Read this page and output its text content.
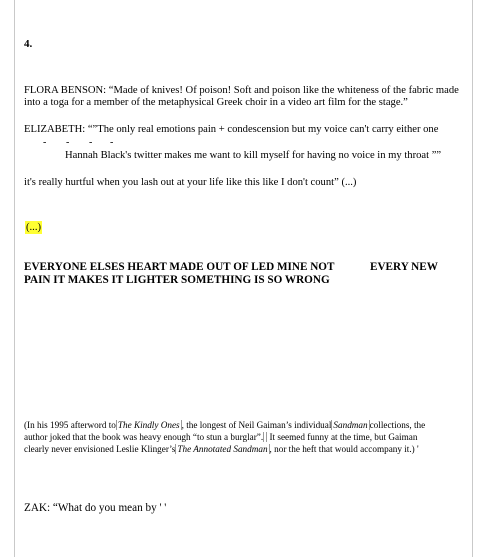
4.
FLORA BENSON: “Made of knives! Of poison! Soft and poison like the whiteness of the fabric made
into a toga for a member of the metaphysical Greek choir in a video art film for the stage.”
ELIZABETH: “”The only real emotions pain + condescension but my voice can't carry either one
- - - -
Hannah Black's twitter makes me want to kill myself for having no voice in my throat ””
it's really hurtful when you lash out at your life like this like I don't count” (...)
(...)
EVERYONE ELSES HEART MADE OUT OF LED MINE NOT	EVERY NEW
PAIN IT MAKES IT LIGHTER SOMETHING IS SO WRONG
(In his 1995 afterword to The Kindly Ones , the longest of Neil Gaiman’s individual Sandman collections, the
author joked that the book was heavy enough “to stun a burglar”. It seemed funny at the time, but Gaiman
clearly never envisioned Leslie Klinger’s The Annotated Sandman , nor the heft that would accompany it.) '
ZAK: “What do you mean by ' '
